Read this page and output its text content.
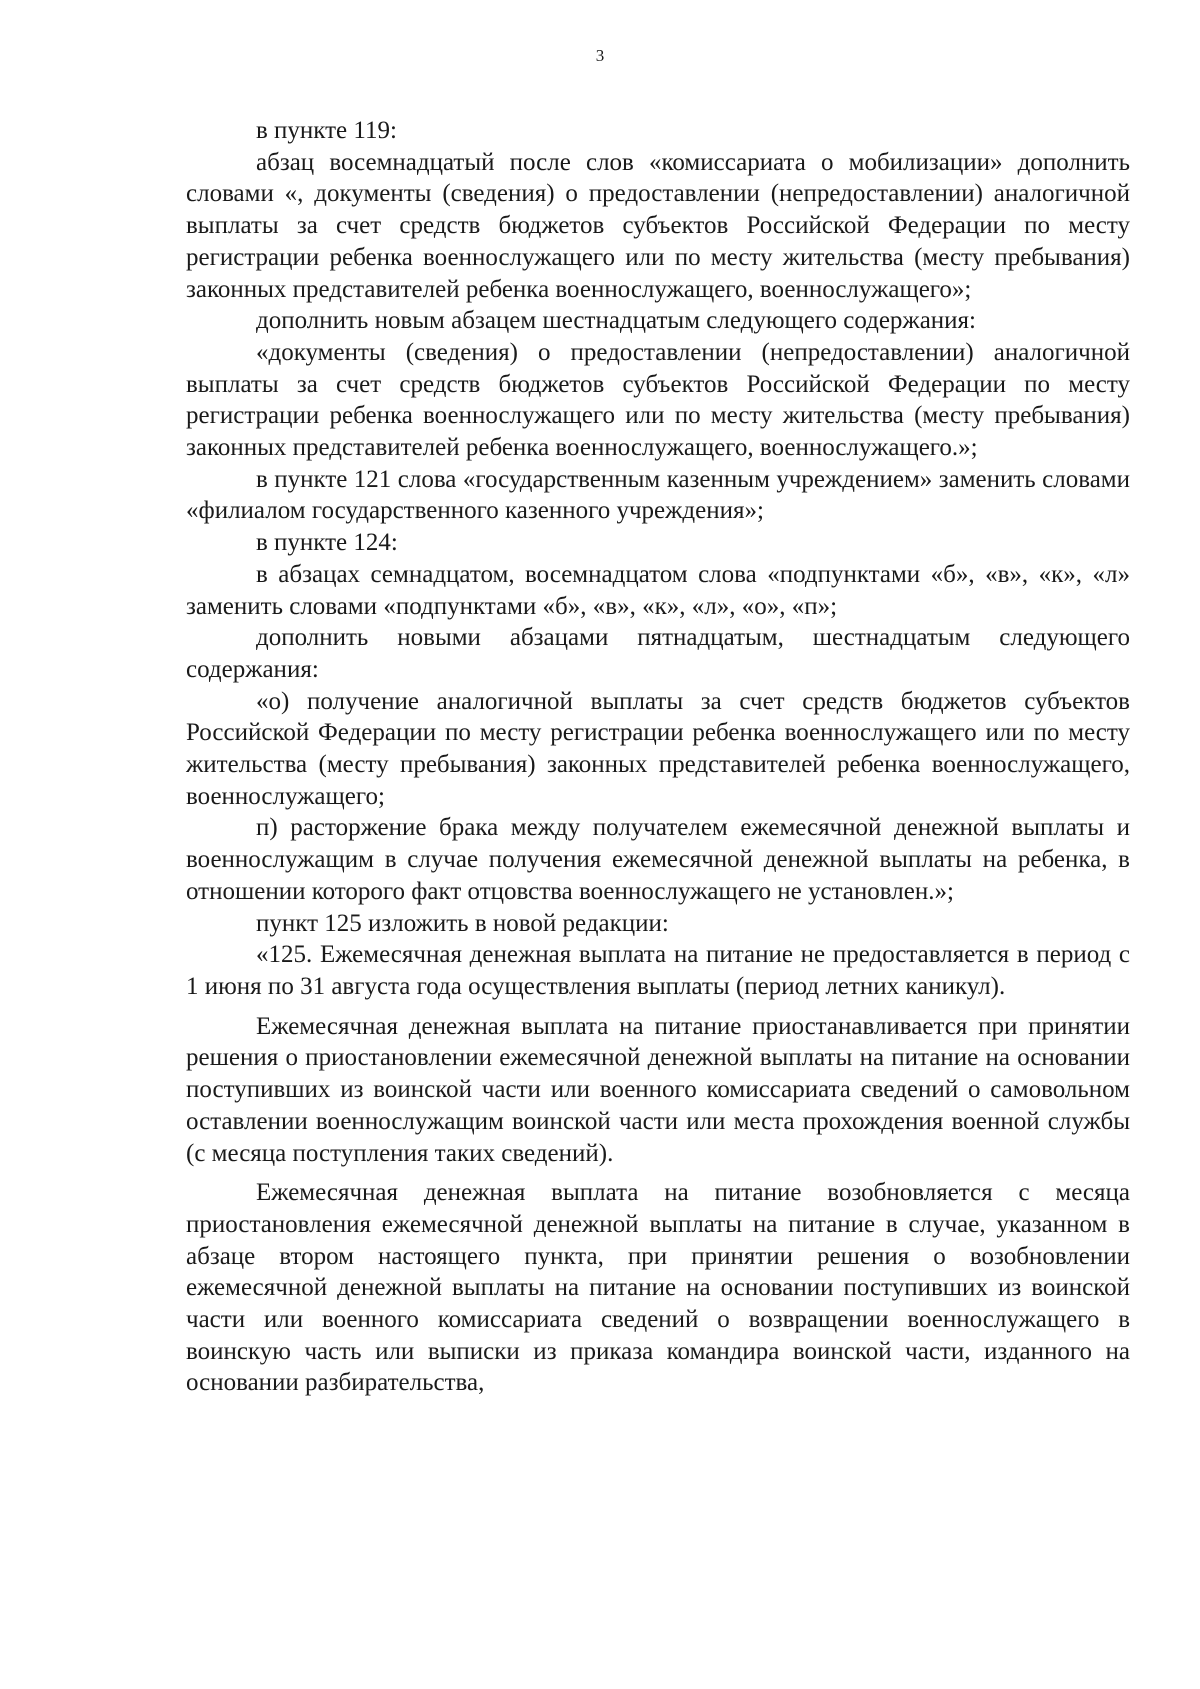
3

в пункте 119:

абзац восемнадцатый после слов «комиссариата о мобилизации» дополнить словами «, документы (сведения) о предоставлении (непредоставлении) аналогичной выплаты за счет средств бюджетов субъектов Российской Федерации по месту регистрации ребенка военнослужащего или по месту жительства (месту пребывания) законных представителей ребенка военнослужащего, военнослужащего»;

дополнить новым абзацем шестнадцатым следующего содержания:

«документы (сведения) о предоставлении (непредоставлении) аналогичной выплаты за счет средств бюджетов субъектов Российской Федерации по месту регистрации ребенка военнослужащего или по месту жительства (месту пребывания) законных представителей ребенка военнослужащего, военнослужащего.»;

в пункте 121 слова «государственным казенным учреждением» заменить словами «филиалом государственного казенного учреждения»;

в пункте 124:

в абзацах семнадцатом, восемнадцатом слова «подпунктами «б», «в», «к», «л» заменить словами «подпунктами «б», «в», «к», «л», «о», «п»;

дополнить новыми абзацами пятнадцатым, шестнадцатым следующего содержания:

«о) получение аналогичной выплаты за счет средств бюджетов субъектов Российской Федерации по месту регистрации ребенка военнослужащего или по месту жительства (месту пребывания) законных представителей ребенка военнослужащего, военнослужащего;

п) расторжение брака между получателем ежемесячной денежной выплаты и военнослужащим в случае получения ежемесячной денежной выплаты на ребенка, в отношении которого факт отцовства военнослужащего не установлен.»;

пункт 125 изложить в новой редакции:

«125. Ежемесячная денежная выплата на питание не предоставляется в период с 1 июня по 31 августа года осуществления выплаты (период летних каникул).

Ежемесячная денежная выплата на питание приостанавливается при принятии решения о приостановлении ежемесячной денежной выплаты на питание на основании поступивших из воинской части или военного комиссариата сведений о самовольном оставлении военнослужащим воинской части или места прохождения военной службы (с месяца поступления таких сведений).

Ежемесячная денежная выплата на питание возобновляется с месяца приостановления ежемесячной денежной выплаты на питание в случае, указанном в абзаце втором настоящего пункта, при принятии решения о возобновлении ежемесячной денежной выплаты на питание на основании поступивших из воинской части или военного комиссариата сведений о возвращении военнослужащего в воинскую часть или выписки из приказа командира воинской части, изданного на основании разбирательства,
